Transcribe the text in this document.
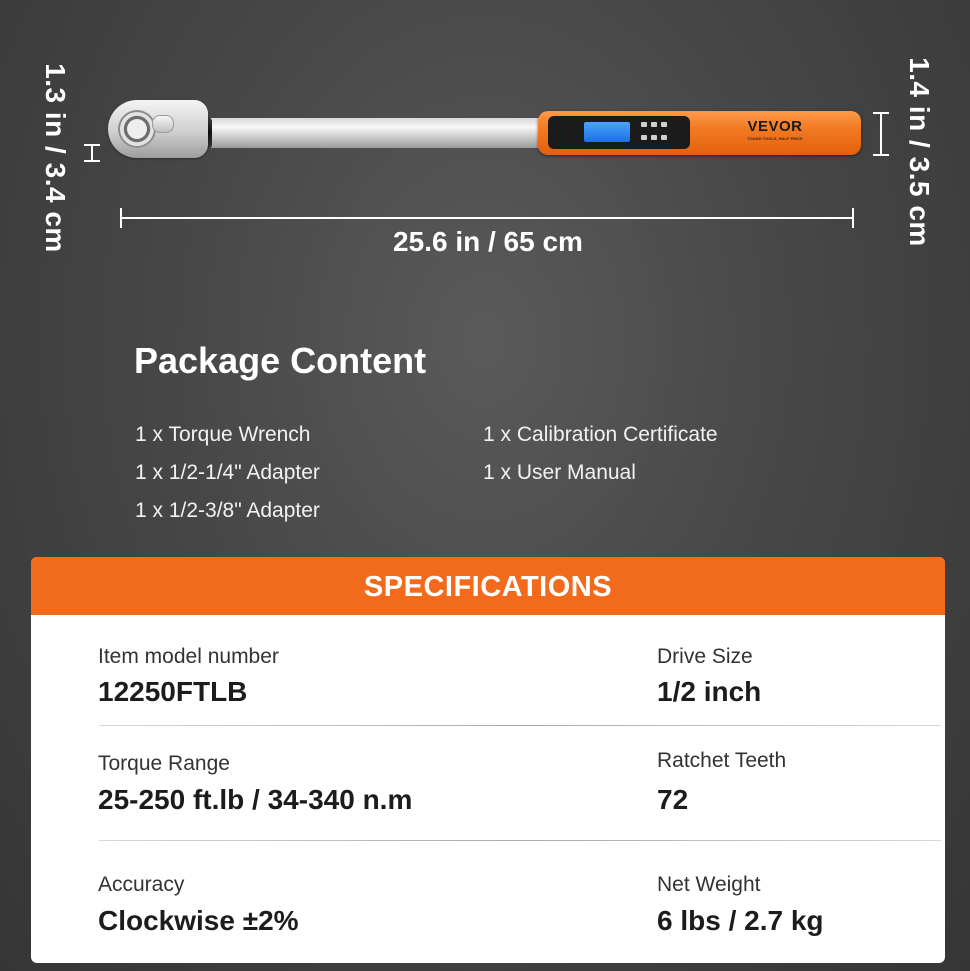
1.3 in / 3.4 cm	1.4 in / 3.5 cm
25.6 in / 65 cm
VEVOR
TOUGH TOOLS, HALF PRICE
Package Content
1 x Torque Wrench
1 x 1/2-1/4" Adapter
1 x 1/2-3/8" Adapter
1 x Calibration Certificate
1 x User Manual
SPECIFICATIONS
Item model number
12250FTLB
Drive Size
1/2 inch
Torque Range
25-250 ft.lb / 34-340 n.m
Ratchet Teeth
72
Accuracy
Clockwise ±2%
Net Weight
6 lbs / 2.7 kg
